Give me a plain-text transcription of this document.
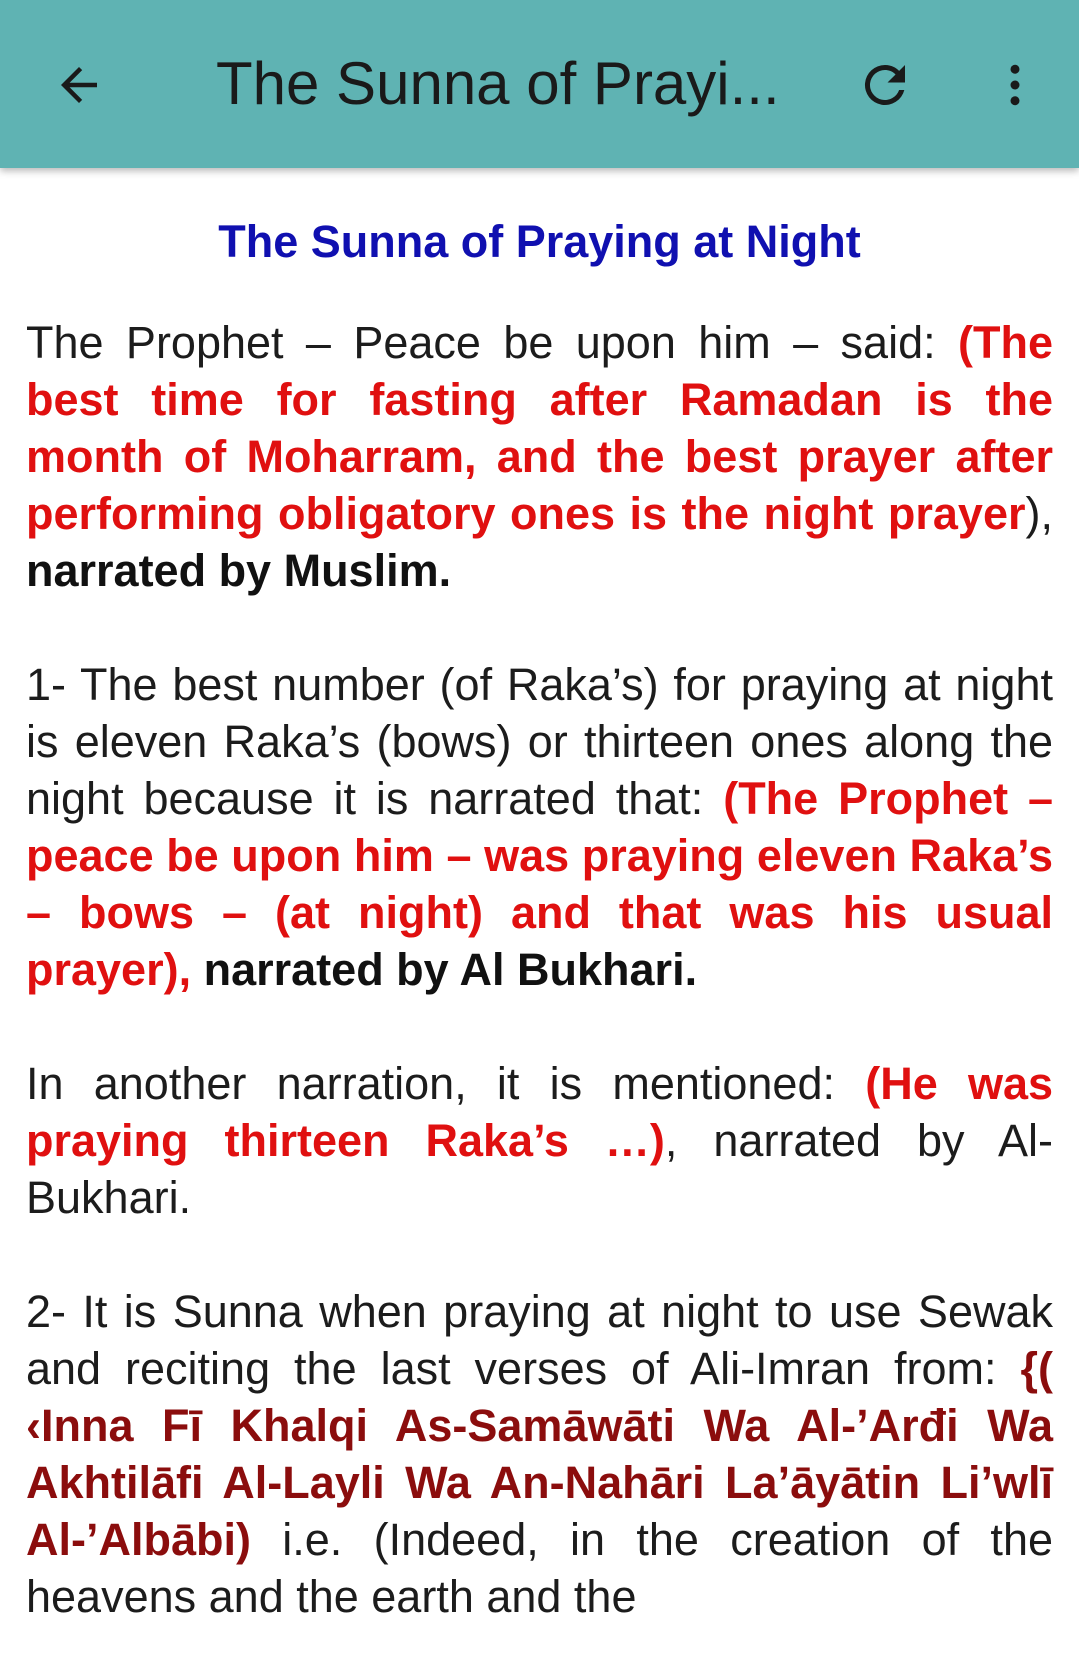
The Sunna of Prayi...
The Sunna of Praying at Night

The Prophet – Peace be upon him – said: (The best time for fasting after Ramadan is the month of Moharram, and the best prayer after performing obligatory ones is the night prayer), narrated by Muslim.

1- The best number (of Raka’s) for praying at night is eleven Raka’s (bows) or thirteen ones along the night because it is narrated that: (The Prophet – peace be upon him – was praying eleven Raka’s – bows – (at night) and that was his usual prayer), narrated by Al Bukhari.

In another narration, it is mentioned: (He was praying thirteen Raka’s …), narrated by Al-Bukhari.

2- It is Sunna when praying at night to use Sewak and reciting the last verses of Ali-Imran from: {( ‹Inna Fī Khalqi As-Samāwāti Wa Al-’Arđi Wa Akhtilāfi Al-Layli Wa An-Nahāri La’āyātin Li’wlī Al-’Albābi) i.e. (Indeed, in the creation of the heavens and the earth and the
